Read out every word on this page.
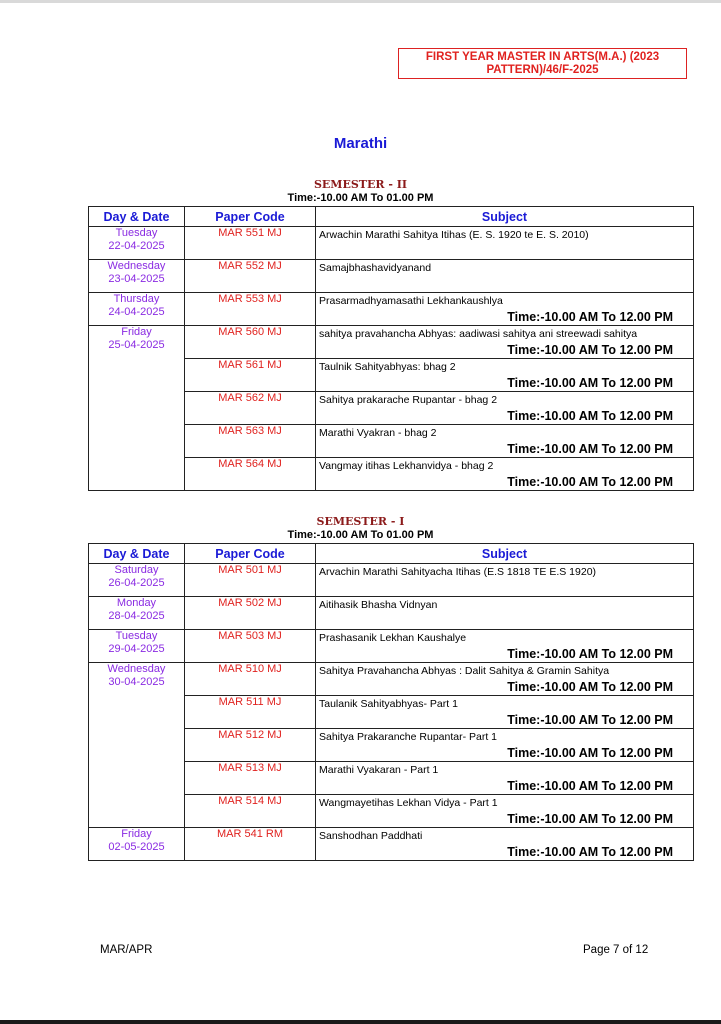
FIRST YEAR MASTER IN ARTS(M.A.) (2023
PATTERN)/46/F-2025
Marathi
SEMESTER - II
Time:-10.00 AM To 01.00 PM
Day & Date	Paper Code	Subject
Tuesday
22-04-2025	MAR 551 MJ	Arwachin Marathi Sahitya Itihas (E. S. 1920 te E. S. 2010)

Wednesday
23-04-2025	MAR 552 MJ	Samajbhashavidyanand

Thursday
24-04-2025	MAR 553 MJ	Prasarmadhyamasathi Lekhankaushlya
Time:-10.00 AM To 12.00 PM

Friday
25-04-2025	MAR 560 MJ	sahitya pravahancha Abhyas: aadiwasi sahitya ani streewadi sahitya
Time:-10.00 AM To 12.00 PM

	MAR 561 MJ	Taulnik Sahityabhyas: bhag 2
Time:-10.00 AM To 12.00 PM

	MAR 562 MJ	Sahitya prakarache Rupantar - bhag 2
Time:-10.00 AM To 12.00 PM

	MAR 563 MJ	Marathi Vyakran - bhag 2
Time:-10.00 AM To 12.00 PM

	MAR 564 MJ	Vangmay itihas Lekhanvidya - bhag 2
Time:-10.00 AM To 12.00 PM
SEMESTER - I
Time:-10.00 AM To 01.00 PM
Day & Date	Paper Code	Subject
Saturday
26-04-2025	MAR 501 MJ	Arvachin Marathi Sahityacha Itihas (E.S 1818 TE E.S 1920)

Monday
28-04-2025	MAR 502 MJ	Aitihasik Bhasha Vidnyan

Tuesday
29-04-2025	MAR 503 MJ	Prashasanik Lekhan Kaushalye
Time:-10.00 AM To 12.00 PM

Wednesday
30-04-2025	MAR 510 MJ	Sahitya Pravahancha Abhyas : Dalit Sahitya & Gramin Sahitya
Time:-10.00 AM To 12.00 PM

	MAR 511 MJ	Taulanik Sahityabhyas- Part 1
Time:-10.00 AM To 12.00 PM

	MAR 512 MJ	Sahitya Prakaranche Rupantar- Part 1
Time:-10.00 AM To 12.00 PM

	MAR 513 MJ	Marathi Vyakaran - Part 1
Time:-10.00 AM To 12.00 PM

	MAR 514 MJ	Wangmayetihas Lekhan Vidya - Part 1
Time:-10.00 AM To 12.00 PM

Friday
02-05-2025	MAR 541 RM	Sanshodhan Paddhati
Time:-10.00 AM To 12.00 PM
MAR/APR	Page 7 of 12
